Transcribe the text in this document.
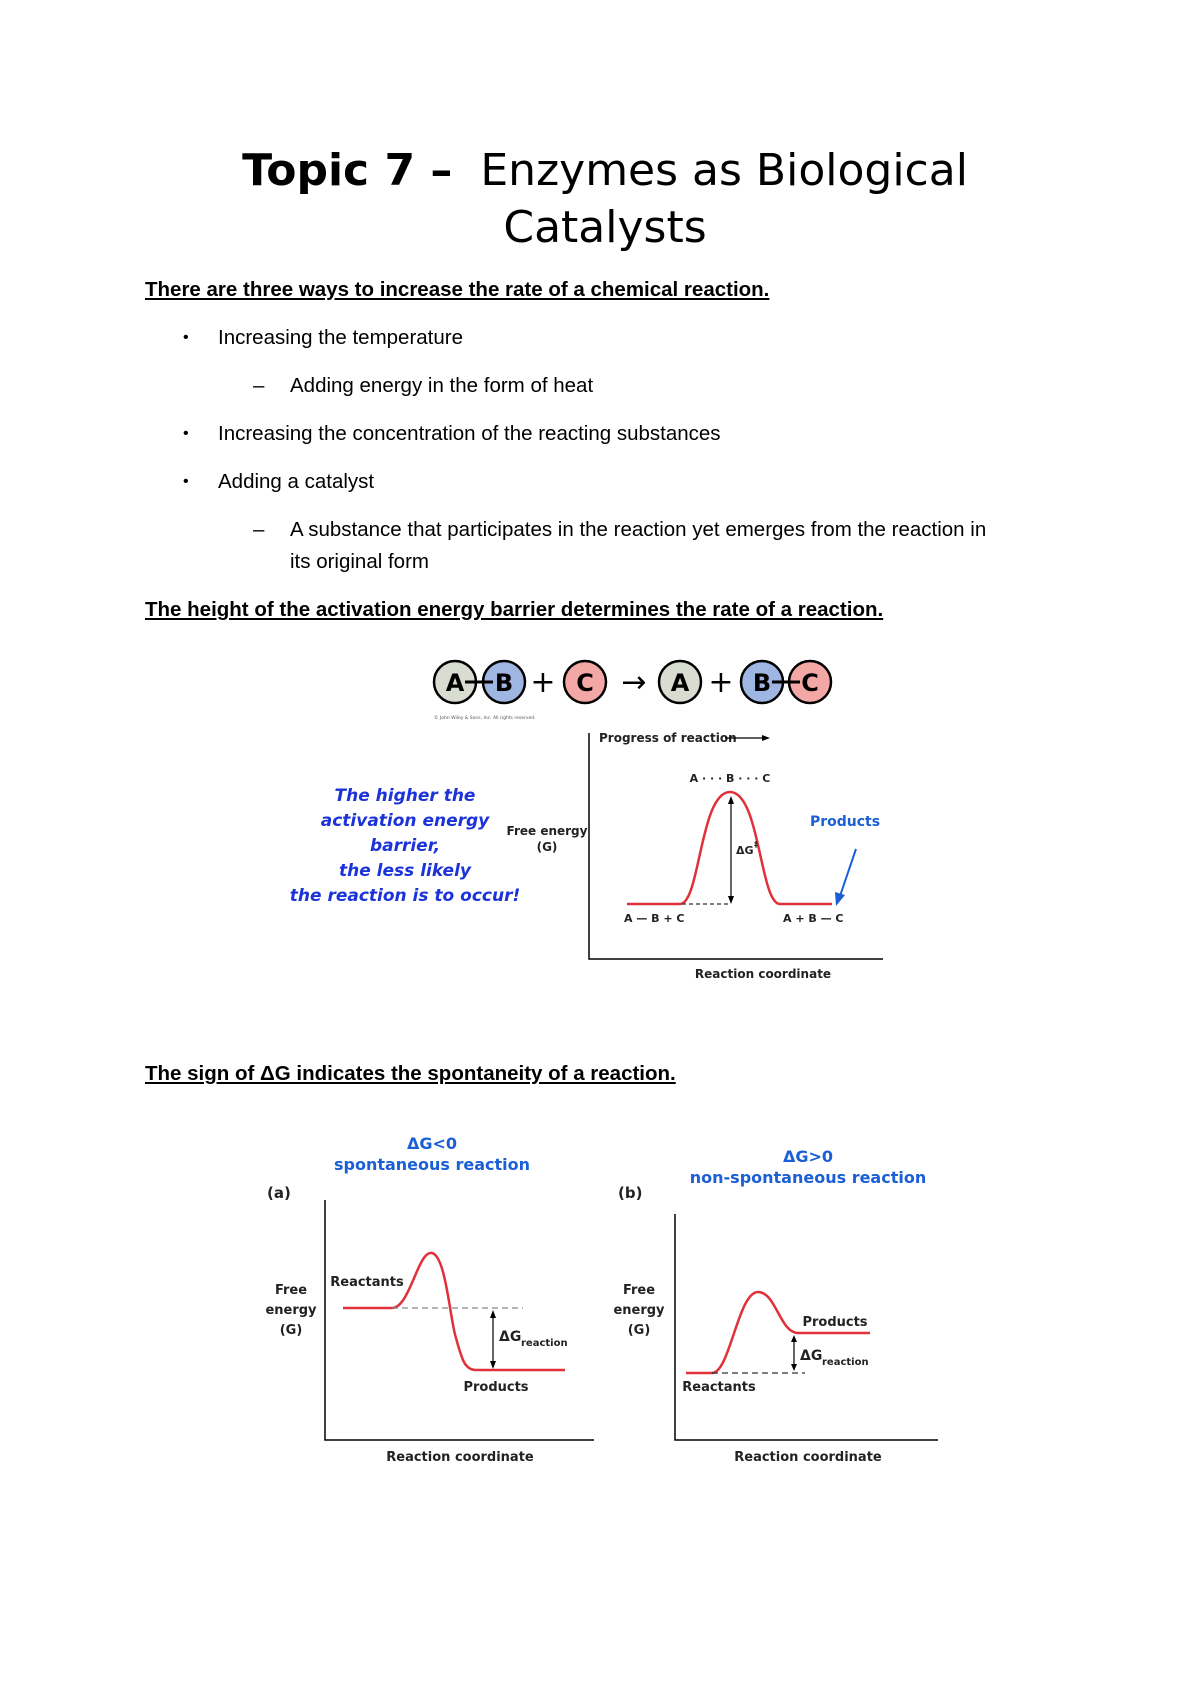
Topic 7 – Enzymes as Biological
Catalysts
There are three ways to increase the rate of a chemical reaction.
• Increasing the temperature
– Adding energy in the form of heat
• Increasing the concentration of the reacting substances
• Adding a catalyst
– A substance that participates in the reaction yet emerges from the reaction in
its original form
The height of the activation energy barrier determines the rate of a reaction.
A B + C → A + B C
© John Wiley & Sons, Inc. All rights reserved.
The higher the
activation energy
barrier,
the less likely
the reaction is to occur!
Progress of reaction
Free energy
(G)
A · · · B · · · C
ΔG ‡
A — B + C	A + B — C
Products
Reaction coordinate
The sign of ΔG indicates the spontaneity of a reaction.
ΔG<0
spontaneous reaction
(a)
Free
energy
(G)
Reactants
Products
ΔG reaction
Reaction coordinate
ΔG>0
non-spontaneous reaction
(b)
Free
energy
(G)
Products
Reactants
ΔG reaction
Reaction coordinate
